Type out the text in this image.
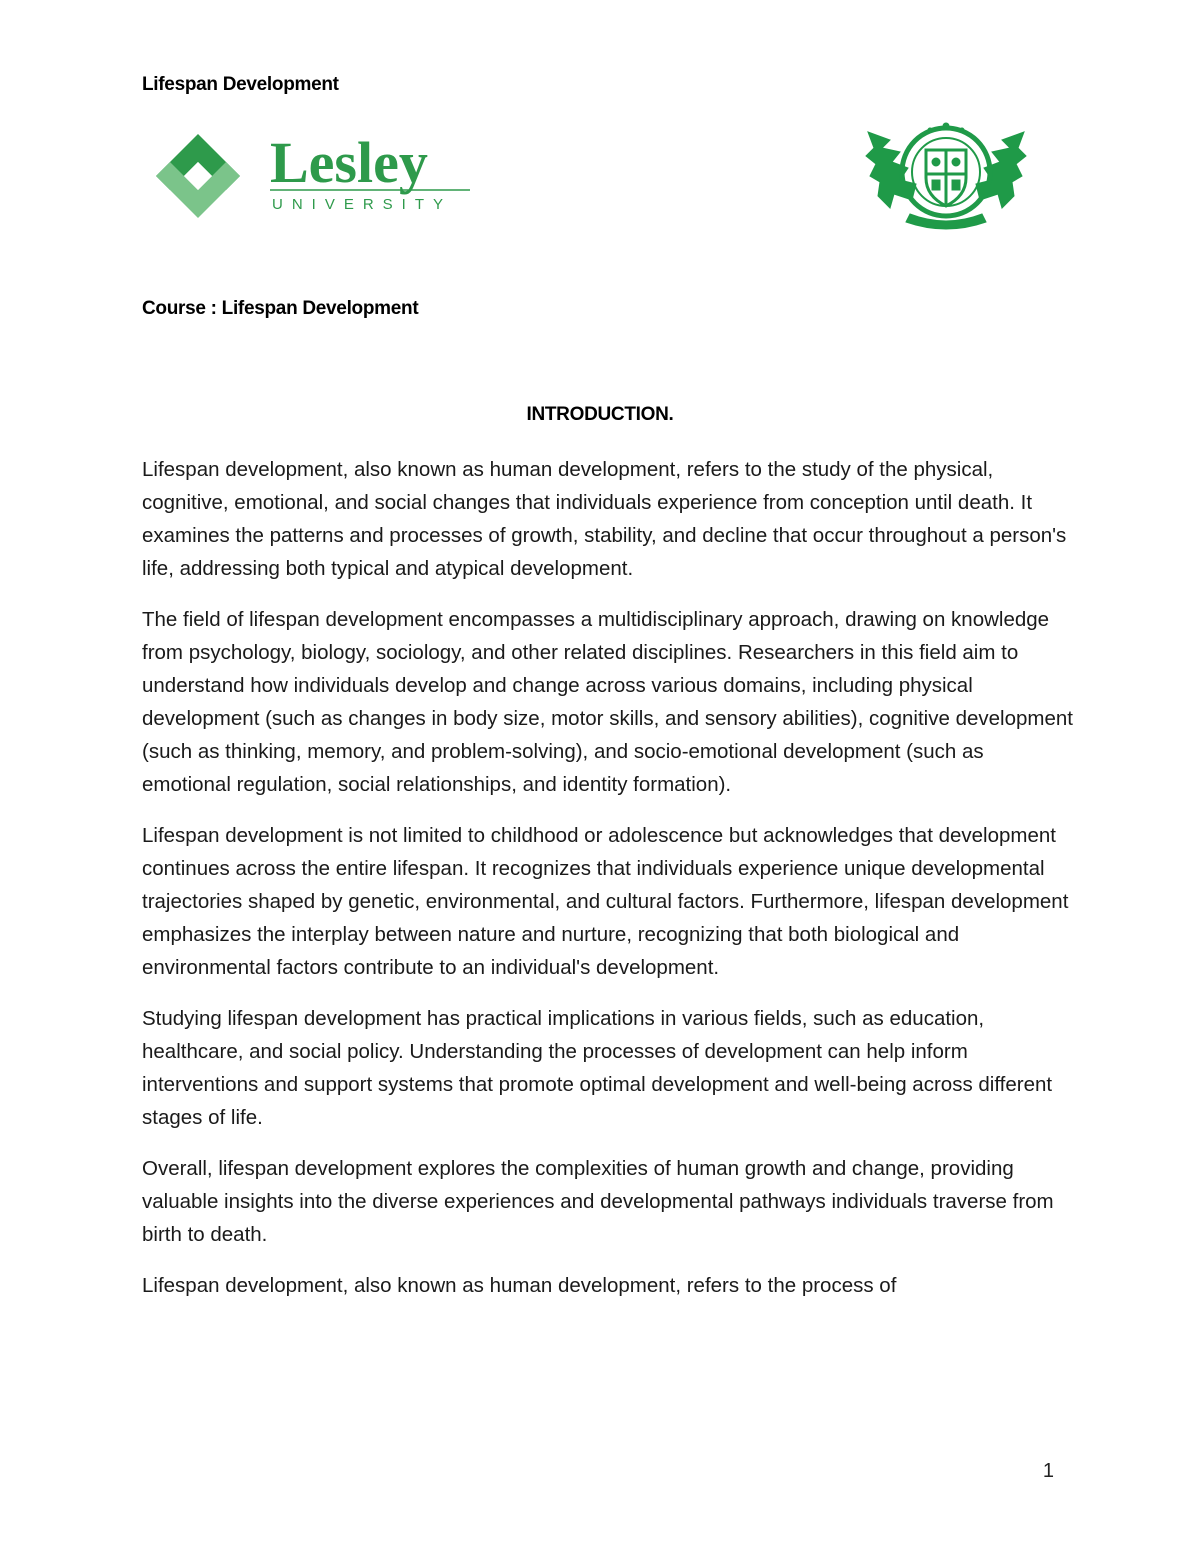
Lifespan Development
Lesley
UNIVERSITY
Course : Lifespan Development
INTRODUCTION.

Lifespan development, also known as human development, refers to the study of the physical, cognitive, emotional, and social changes that individuals experience from conception until death. It examines the patterns and processes of growth, stability, and decline that occur throughout a person's life, addressing both typical and atypical development.

The field of lifespan development encompasses a multidisciplinary approach, drawing on knowledge from psychology, biology, sociology, and other related disciplines. Researchers in this field aim to understand how individuals develop and change across various domains, including physical development (such as changes in body size, motor skills, and sensory abilities), cognitive development (such as thinking, memory, and problem-solving), and socio-emotional development (such as emotional regulation, social relationships, and identity formation).

Lifespan development is not limited to childhood or adolescence but acknowledges that development continues across the entire lifespan. It recognizes that individuals experience unique developmental trajectories shaped by genetic, environmental, and cultural factors. Furthermore, lifespan development emphasizes the interplay between nature and nurture, recognizing that both biological and environmental factors contribute to an individual's development.

Studying lifespan development has practical implications in various fields, such as education, healthcare, and social policy. Understanding the processes of development can help inform interventions and support systems that promote optimal development and well-being across different stages of life.

Overall, lifespan development explores the complexities of human growth and change, providing valuable insights into the diverse experiences and developmental pathways individuals traverse from birth to death.

Lifespan development, also known as human development, refers to the process of

1
